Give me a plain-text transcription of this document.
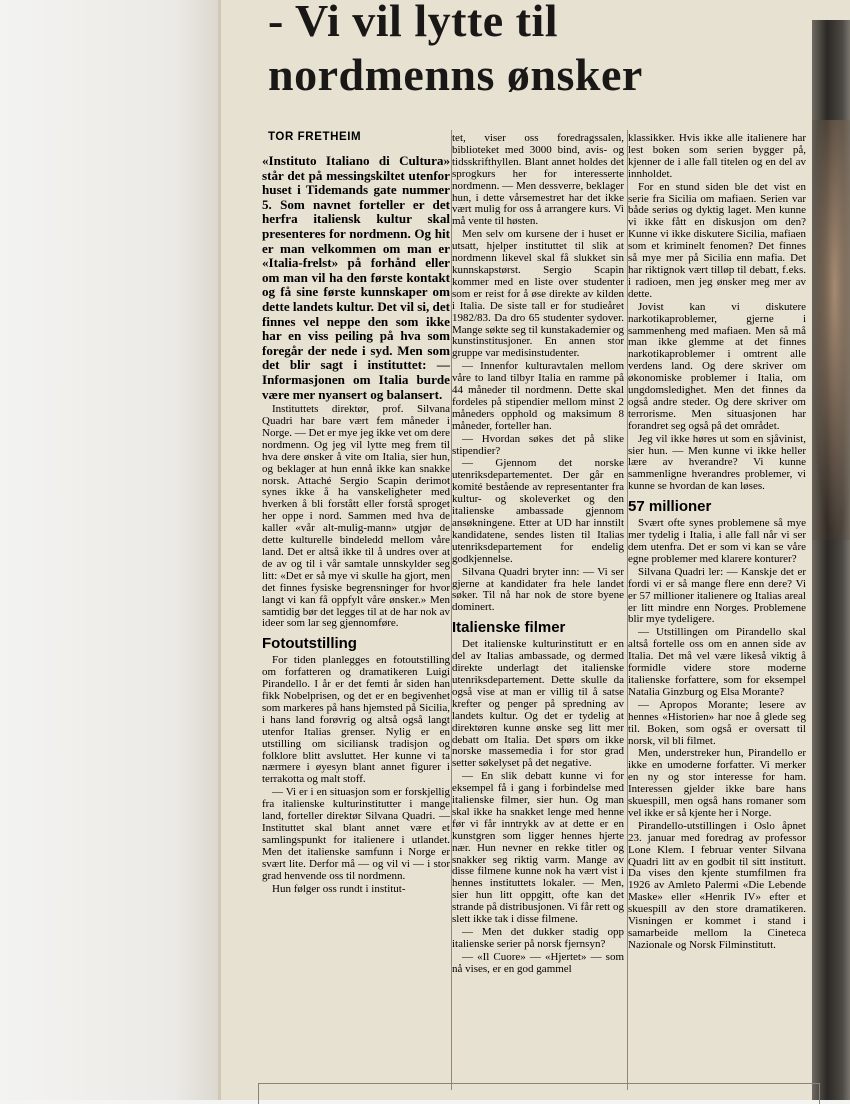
- Vi vil lytte til
nordmenns ønsker
TOR FRETHEIM

«Instituto Italiano di Cultura» står det på messingskiltet utenfor huset i Tidemands gate nummer 5. Som navnet forteller er det herfra italiensk kultur skal presenteres for nordmenn. Og hit er man velkommen om man er «Italia-frelst» på forhånd eller om man vil ha den første kontakt og få sine første kunnskaper om dette landets kultur. Det vil si, det finnes vel neppe den som ikke har en viss peiling på hva som foregår der nede i syd. Men som det blir sagt i instituttet: — Informasjonen om Italia burde være mer nyansert og balansert.

Instituttets direktør, prof. Silvana Quadri har bare vært fem måneder i Norge. — Det er mye jeg ikke vet om dere nordmenn. Og jeg vil lytte meg frem til hva dere ønsker å vite om Italia, sier hun, og beklager at hun ennå ikke kan snakke norsk. Attaché Sergio Scapin derimot synes ikke å ha vanskeligheter med hverken å bli forstått eller forstå sproget her oppe i nord. Sammen med hva de kaller «vår alt-mulig-mann» utgjør de dette kulturelle bindeledd mellom våre land. Det er altså ikke til å undres over at de av og til i vår samtale unnskylder seg litt: «Det er så mye vi skulle ha gjort, men det finnes fysiske begrensninger for hvor langt vi kan få oppfylt våre ønsker.» Men samtidig bør det legges til at de har nok av ideer som lar seg gjennomføre.

Fotoutstilling

For tiden planlegges en fotoutstilling om forfatteren og dramatikeren Luigi Pirandello. I år er det femti år siden han fikk Nobelprisen, og det er en begivenhet som markeres på hans hjemsted på Sicilia, i hans land forøvrig og altså også langt utenfor Italias grenser. Nylig er en utstilling om siciliansk tradisjon og folklore blitt avsluttet. Her kunne vi ta nærmere i øyesyn blant annet figurer i terrakotta og malt stoff.

— Vi er i en situasjon som er forskjellig fra italienske kulturinstitutter i mange land, forteller direktør Silvana Quadri. — Instituttet skal blant annet være et samlingspunkt for italienere i utlandet. Men det italienske samfunn i Norge er svært lite. Derfor må — og vil vi — i stor grad henvende oss til nordmenn.

Hun følger oss rundt i institut-

tet, viser oss foredragssalen, biblioteket med 3000 bind, avis- og tidsskrifthyllen. Blant annet holdes det sprogkurs her for interesserte nordmenn. — Men dessverre, beklager hun, i dette vårsemestret har det ikke vært mulig for oss å arrangere kurs. Vi må vente til høsten.

Men selv om kursene der i huset er utsatt, hjelper instituttet til slik at nordmenn likevel skal få slukket sin kunnskapstørst. Sergio Scapin kommer med en liste over studenter som er reist for å øse direkte av kilden i Italia. De siste tall er for studieåret 1982/83. Da dro 65 studenter sydover. Mange søkte seg til kunstakademier og kunstinstitusjoner. En annen stor gruppe var medisinstudenter.

— Innenfor kulturavtalen mellom våre to land tilbyr Italia en ramme på 44 måneder til nordmenn. Dette skal fordeles på stipendier mellom minst 2 måneders opphold og maksimum 8 måneder, forteller han.

— Hvordan søkes det på slike stipendier?

— Gjennom det norske utenriksdepartementet. Der går en komité bestående av representanter fra kultur- og skoleverket og den italienske ambassade gjennom ansøkningene. Etter at UD har innstilt kandidatene, sendes listen til Italias utenriksdepartement for endelig godkjennelse.

Silvana Quadri bryter inn: — Vi ser gjerne at kandidater fra hele landet søker. Til nå har nok de store byene dominert.

Italienske filmer

Det italienske kulturinstitutt er en del av Italias ambassade, og dermed direkte underlagt det italienske utenriksdepartement. Dette skulle da også vise at man er villig til å satse krefter og penger på spredning av landets kultur. Og det er tydelig at direktøren kunne ønske seg litt mer debatt om Italia. Det spørs om ikke norske massemedia i for stor grad setter søkelyset på det negative.

— En slik debatt kunne vi for eksempel få i gang i forbindelse med italienske filmer, sier hun. Og man skal ikke ha snakket lenge med henne før vi får inntrykk av at dette er en kunstgren som ligger hennes hjerte nær. Hun nevner en rekke titler og snakker seg riktig varm. Mange av disse filmene kunne nok ha vært vist i hennes instituttets lokaler. — Men, sier hun litt oppgitt, ofte kan det strande på distribusjonen. Vi får rett og slett ikke tak i disse filmene.

— Men det dukker stadig opp italienske serier på norsk fjernsyn?

— «Il Cuore» — «Hjertet» — som nå vises, er en god gammel

klassikker. Hvis ikke alle italienere har lest boken som serien bygger på, kjenner de i alle fall titelen og en del av innholdet.

For en stund siden ble det vist en serie fra Sicilia om mafiaen. Serien var både seriøs og dyktig laget. Men kunne vi ikke fått en diskusjon om den? Kunne vi ikke diskutere Sicilia, mafiaen som et kriminelt fenomen? Det finnes så mye mer på Sicilia enn mafia. Det har riktignok vært tilløp til debatt, f.eks. i radioen, men jeg ønsker meg mer av dette.

Jovist kan vi diskutere narkotikaproblemer, gjerne i sammenheng med mafiaen. Men så må man ikke glemme at det finnes narkotikaproblemer i omtrent alle verdens land. Og dere skriver om økonomiske problemer i Italia, om ungdomsledighet. Men det finnes da også andre steder. Og dere skriver om terrorisme. Men situasjonen har forandret seg også på det området.

Jeg vil ikke høres ut som en sjåvinist, sier hun. — Men kunne vi ikke heller lære av hverandre? Vi kunne sammenligne hverandres problemer, vi kunne se hvordan de kan løses.

57 millioner

Svært ofte synes problemene så mye mer tydelig i Italia, i alle fall når vi ser dem utenfra. Det er som vi kan se våre egne problemer med klarere konturer?

Silvana Quadri ler: — Kanskje det er fordi vi er så mange flere enn dere? Vi er 57 millioner italienere og Italias areal er litt mindre enn Norges. Problemene blir mye tydeligere.

— Utstillingen om Pirandello skal altså fortelle oss om en annen side av Italia. Det må vel være likeså viktig å formidle videre store moderne italienske forfattere, som for eksempel Natalia Ginzburg og Elsa Morante?

— Apropos Morante; lesere av hennes «Historien» har noe å glede seg til. Boken, som også er oversatt til norsk, vil bli filmet.

Men, understreker hun, Pirandello er ikke en umoderne forfatter. Vi merker en ny og stor interesse for ham. Interessen gjelder ikke bare hans skuespill, men også hans romaner som vel ikke er så kjente her i Norge.

Pirandello-utstillingen i Oslo åpnet 23. januar med foredrag av professor Lone Klem. I februar venter Silvana Quadri litt av en godbit til sitt institutt. Da vises den kjente stumfilmen fra 1926 av Amleto Palermi «Die Lebende Maske» eller «Henrik IV» efter et skuespill av den store dramatikeren. Visningen er kommet i stand i samarbeide mellom la Cineteca Nazionale og Norsk Filminstitutt.
